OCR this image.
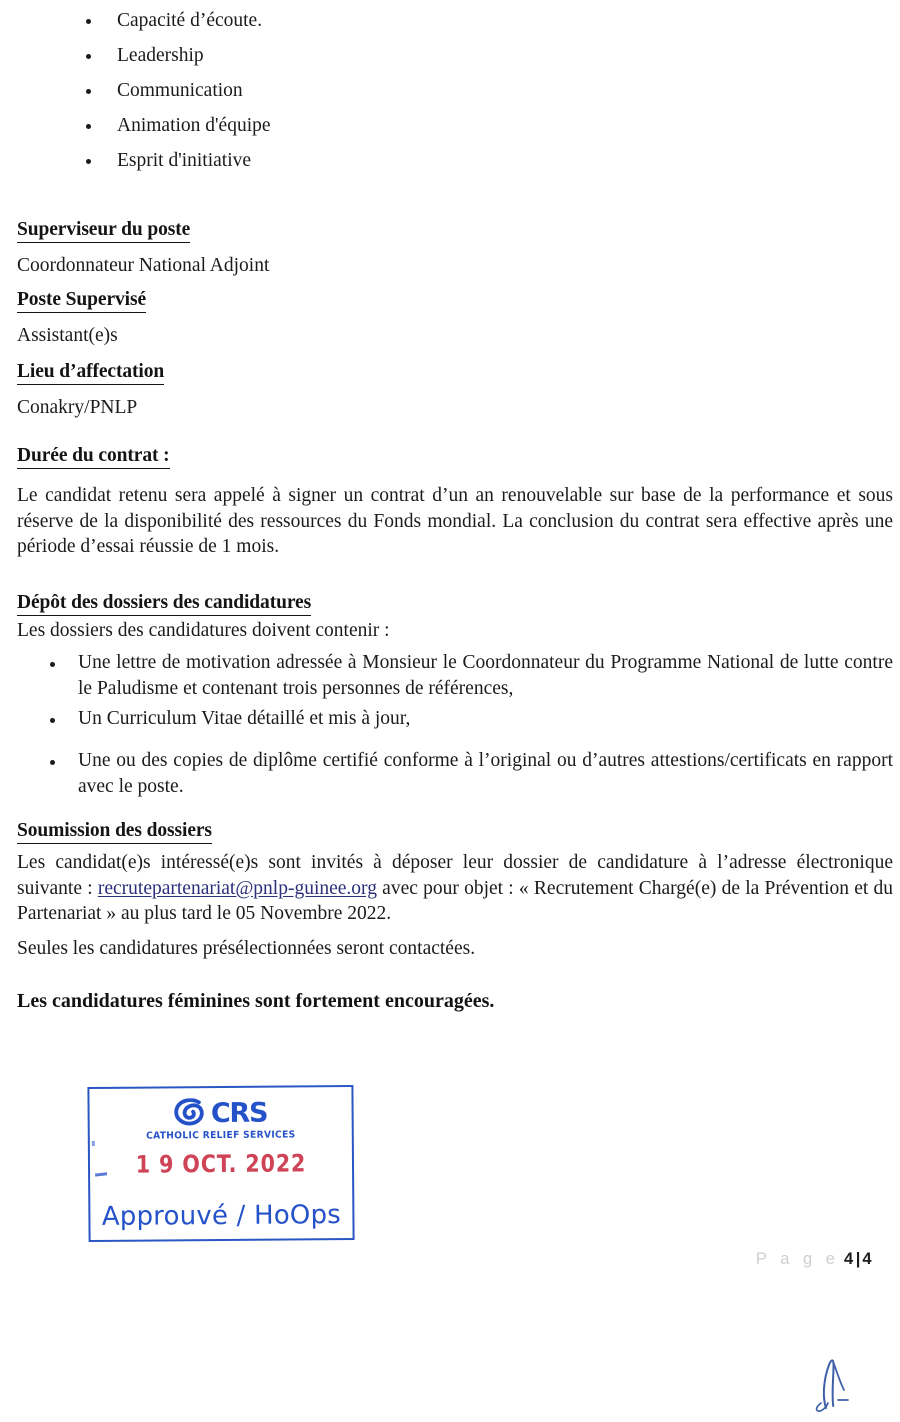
Capacité d’écoute.
Leadership
Communication
Animation d'équipe
Esprit d'initiative
Superviseur du poste
Coordonnateur National Adjoint
Poste Supervisé
Assistant(e)s
Lieu d’affectation
Conakry/PNLP
Durée du contrat :
Le candidat retenu sera appelé à signer un contrat d’un an renouvelable sur base de la performance et sous réserve de la disponibilité des ressources du Fonds mondial. La conclusion du contrat sera effective après une période d’essai réussie de 1 mois.
Dépôt des dossiers des candidatures
Les dossiers des candidatures doivent contenir :
Une lettre de motivation adressée à Monsieur le Coordonnateur du Programme National de lutte contre le Paludisme et contenant trois personnes de références,
Un Curriculum Vitae détaillé et mis à jour,
Une ou des copies de diplôme certifié conforme à l’original ou d’autres attestions/certificats en rapport avec le poste.
Soumission des dossiers
Les candidat(e)s intéressé(e)s sont invités à déposer leur dossier de candidature à l’adresse électronique suivante : recrutepartenariat@pnlp-guinee.org avec pour objet : « Recrutement Chargé(e) de la Prévention et du Partenariat » au plus tard le 05 Novembre 2022.
Seules les candidatures présélectionnées seront contactées.
Les candidatures féminines sont fortement encouragées.
CRS
CATHOLIC RELIEF SERVICES
1 9 OCT. 2022
Approuvé / HoOps
P a g e 4 | 4
